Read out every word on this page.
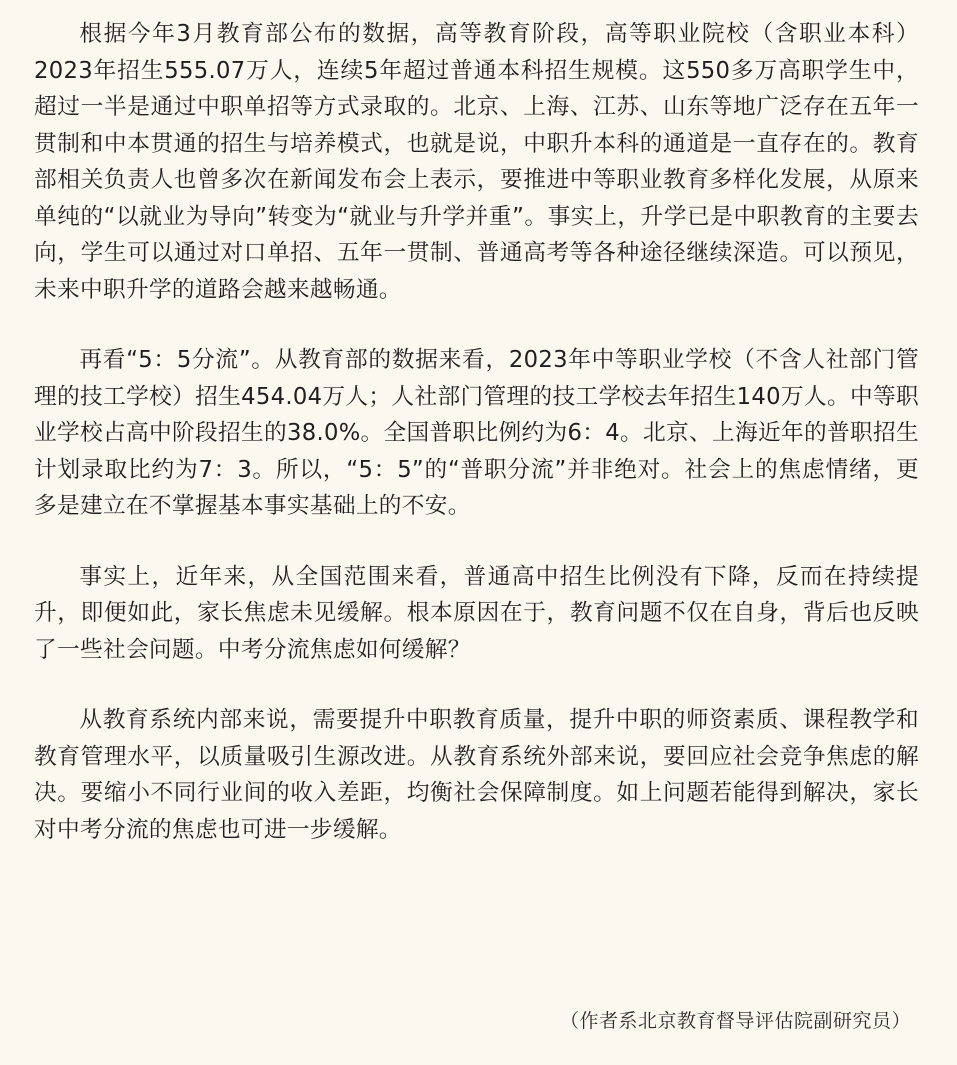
根据今年3月教育部公布的数据，高等教育阶段，高等职业院校（含职业本科）2023年招生555.07万人，连续5年超过普通本科招生规模。这550多万高职学生中，超过一半是通过中职单招等方式录取的。北京、上海、江苏、山东等地广泛存在五年一贯制和中本贯通的招生与培养模式，也就是说，中职升本科的通道是一直存在的。教育部相关负责人也曾多次在新闻发布会上表示，要推进中等职业教育多样化发展，从原来单纯的“以就业为导向”转变为“就业与升学并重”。事实上，升学已是中职教育的主要去向，学生可以通过对口单招、五年一贯制、普通高考等各种途径继续深造。可以预见，未来中职升学的道路会越来越畅通。

再看“5：5分流”。从教育部的数据来看，2023年中等职业学校（不含人社部门管理的技工学校）招生454.04万人；人社部门管理的技工学校去年招生140万人。中等职业学校占高中阶段招生的38.0%。全国普职比例约为6：4。北京、上海近年的普职招生计划录取比约为7：3。所以，“5：5”的“普职分流”并非绝对。社会上的焦虑情绪，更多是建立在不掌握基本事实基础上的不安。

事实上，近年来，从全国范围来看，普通高中招生比例没有下降，反而在持续提升，即便如此，家长焦虑未见缓解。根本原因在于，教育问题不仅在自身，背后也反映了一些社会问题。中考分流焦虑如何缓解？

从教育系统内部来说，需要提升中职教育质量，提升中职的师资素质、课程教学和教育管理水平，以质量吸引生源改进。从教育系统外部来说，要回应社会竞争焦虑的解决。要缩小不同行业间的收入差距，均衡社会保障制度。如上问题若能得到解决，家长对中考分流的焦虑也可进一步缓解。

（作者系北京教育督导评估院副研究员）
